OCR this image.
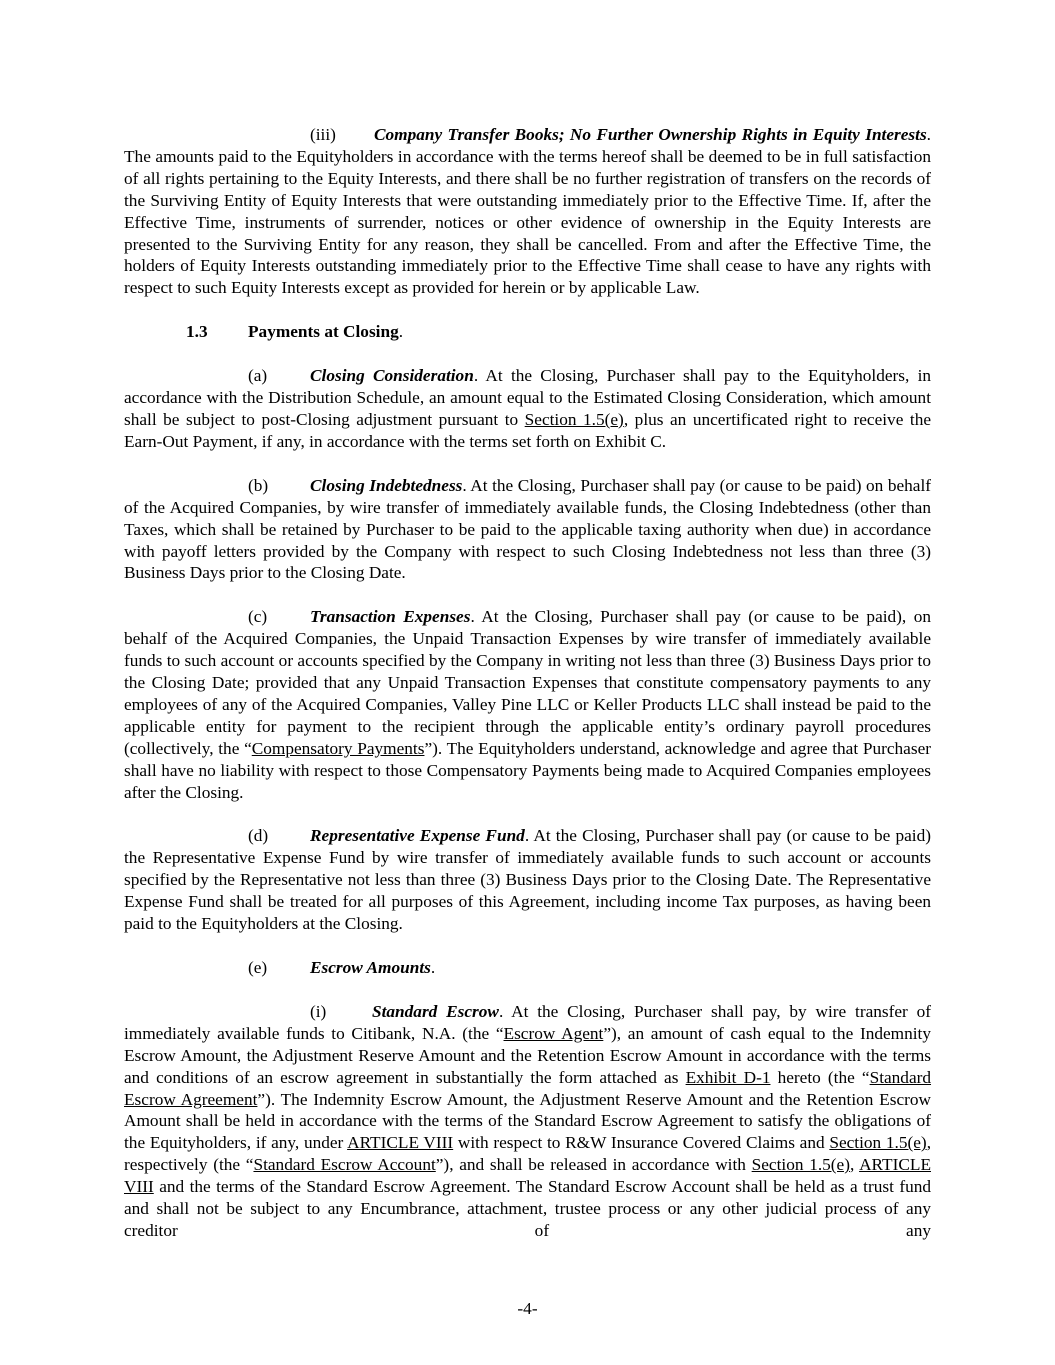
(iii) Company Transfer Books; No Further Ownership Rights in Equity Interests. The amounts paid to the Equityholders in accordance with the terms hereof shall be deemed to be in full satisfaction of all rights pertaining to the Equity Interests, and there shall be no further registration of transfers on the records of the Surviving Entity of Equity Interests that were outstanding immediately prior to the Effective Time. If, after the Effective Time, instruments of surrender, notices or other evidence of ownership in the Equity Interests are presented to the Surviving Entity for any reason, they shall be cancelled. From and after the Effective Time, the holders of Equity Interests outstanding immediately prior to the Effective Time shall cease to have any rights with respect to such Equity Interests except as provided for herein or by applicable Law.

1.3 Payments at Closing.

(a) Closing Consideration. At the Closing, Purchaser shall pay to the Equityholders, in accordance with the Distribution Schedule, an amount equal to the Estimated Closing Consideration, which amount shall be subject to post-Closing adjustment pursuant to Section 1.5(e), plus an uncertificated right to receive the Earn-Out Payment, if any, in accordance with the terms set forth on Exhibit C.

(b) Closing Indebtedness. At the Closing, Purchaser shall pay (or cause to be paid) on behalf of the Acquired Companies, by wire transfer of immediately available funds, the Closing Indebtedness (other than Taxes, which shall be retained by Purchaser to be paid to the applicable taxing authority when due) in accordance with payoff letters provided by the Company with respect to such Closing Indebtedness not less than three (3) Business Days prior to the Closing Date.

(c) Transaction Expenses. At the Closing, Purchaser shall pay (or cause to be paid), on behalf of the Acquired Companies, the Unpaid Transaction Expenses by wire transfer of immediately available funds to such account or accounts specified by the Company in writing not less than three (3) Business Days prior to the Closing Date; provided that any Unpaid Transaction Expenses that constitute compensatory payments to any employees of any of the Acquired Companies, Valley Pine LLC or Keller Products LLC shall instead be paid to the applicable entity for payment to the recipient through the applicable entity’s ordinary payroll procedures (collectively, the “Compensatory Payments”). The Equityholders understand, acknowledge and agree that Purchaser shall have no liability with respect to those Compensatory Payments being made to Acquired Companies employees after the Closing.

(d) Representative Expense Fund. At the Closing, Purchaser shall pay (or cause to be paid) the Representative Expense Fund by wire transfer of immediately available funds to such account or accounts specified by the Representative not less than three (3) Business Days prior to the Closing Date. The Representative Expense Fund shall be treated for all purposes of this Agreement, including income Tax purposes, as having been paid to the Equityholders at the Closing.

(e) Escrow Amounts.

(i)	Standard Escrow. At the Closing, Purchaser shall pay, by wire transfer of immediately available funds to Citibank, N.A. (the “Escrow Agent”), an amount of cash equal to the Indemnity Escrow Amount, the Adjustment Reserve Amount and the Retention Escrow Amount in accordance with the terms and conditions of an escrow agreement in substantially the form attached as Exhibit D-1 hereto (the “Standard Escrow Agreement”). The Indemnity Escrow Amount, the Adjustment Reserve Amount and the Retention Escrow Amount shall be held in accordance with the terms of the Standard Escrow Agreement to satisfy the obligations of the Equityholders, if any, under ARTICLE VIII with respect to R&W Insurance Covered Claims and Section 1.5(e), respectively (the “Standard Escrow Account”), and shall be released in accordance with Section 1.5(e), ARTICLE VIII and the terms of the Standard Escrow Agreement. The Standard Escrow Account shall be held as a trust fund and shall not be subject to any Encumbrance, attachment, trustee process or any other judicial process of any creditor of any

-4-
